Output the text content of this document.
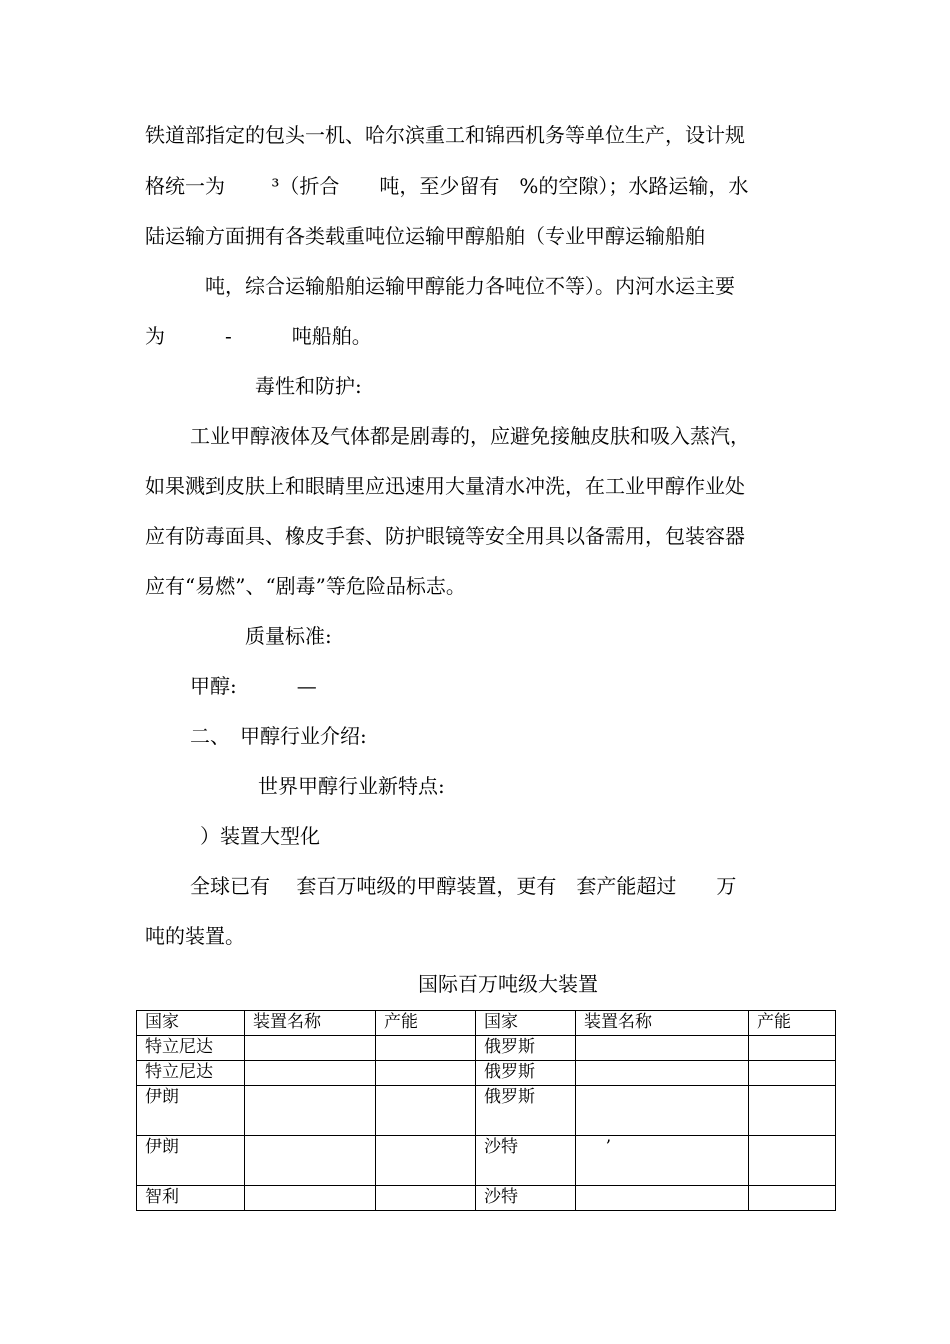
铁道部指定的包头一机、哈尔滨重工和锦西机务等单位生产，设计规

格统一为　　 ³（折合　　吨，至少留有　%的空隙）；水路运输，水

陆运输方面拥有各类载重吨位运输甲醇船舶（专业甲醇运输船舶

吨，综合运输船舶运输甲醇能力各吨位不等）。内河水运主要

为　　　-　　　吨船舶。

毒性和防护:

工业甲醇液体及气体都是剧毒的，应避免接触皮肤和吸入蒸汽，

如果溅到皮肤上和眼睛里应迅速用大量清水冲洗，在工业甲醇作业处

应有防毒面具、橡皮手套、防护眼镜等安全用具以备需用，包装容器

应有“易燃”、“剧毒”等危险品标志。

质量标准:

甲醇:　　　—

二、　甲醇行业介绍:

世界甲醇行业新特点:

）装置大型化

全球已有　 套百万吨级的甲醇装置，更有　套产能超过　　万

吨的装置。

国际百万吨级大装置

国家	装置名称	产能	国家	装置名称	产能
特立尼达			俄罗斯		
特立尼达			俄罗斯		
伊朗			俄罗斯		
伊朗			沙特	’	
智利			沙特		
